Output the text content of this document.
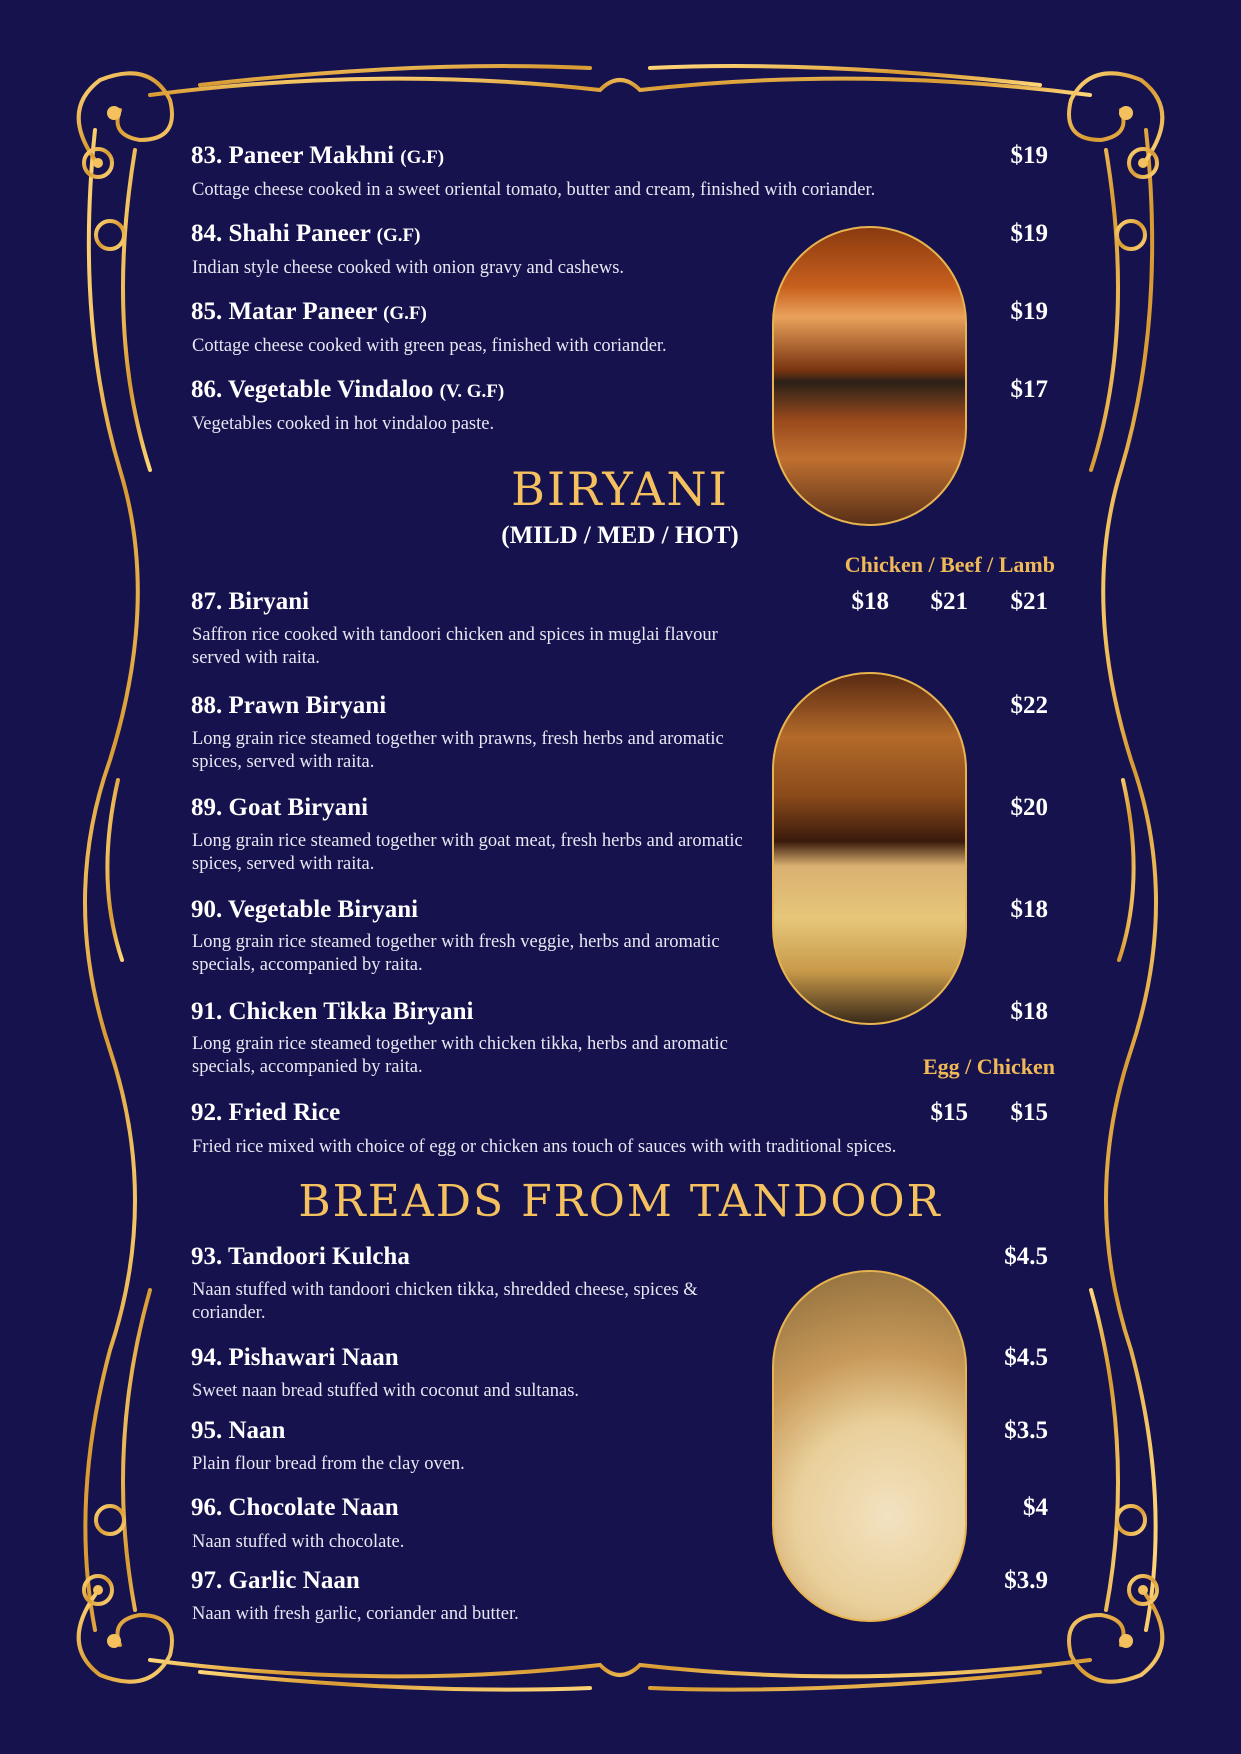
83. Paneer Makhni (G.F)	$19
Cottage cheese cooked in a sweet oriental tomato, butter and cream, finished with coriander.
84. Shahi Paneer (G.F)	$19
Indian style cheese cooked with onion gravy and cashews.
85. Matar Paneer (G.F)	$19
Cottage cheese cooked with green peas, finished with coriander.
86. Vegetable Vindaloo (V. G.F)	$17
Vegetables cooked in hot vindaloo paste.
BIRYANI
(MILD / MED / HOT)
Chicken / Beef / Lamb
87. Biryani	$18 $21 $21
Saffron rice cooked with tandoori chicken and spices in muglai flavour served with raita.
88. Prawn Biryani	$22
Long grain rice steamed together with prawns, fresh herbs and aromatic spices, served with raita.
89. Goat Biryani	$20
Long grain rice steamed together with goat meat, fresh herbs and aromatic spices, served with raita.
90. Vegetable Biryani	$18
Long grain rice steamed together with fresh veggie, herbs and aromatic specials, accompanied by raita.
91. Chicken Tikka Biryani	$18
Long grain rice steamed together with chicken tikka, herbs and aromatic specials, accompanied by raita.	Egg / Chicken
92. Fried Rice	$15 $15
Fried rice mixed with choice of egg or chicken ans touch of sauces with with traditional spices.
BREADS FROM TANDOOR
93. Tandoori Kulcha	$4.5
Naan stuffed with tandoori chicken tikka, shredded cheese, spices & coriander.
94. Pishawari Naan	$4.5
Sweet naan bread stuffed with coconut and sultanas.
95. Naan	$3.5
Plain flour bread from the clay oven.
96. Chocolate Naan	$4
Naan stuffed with chocolate.
97. Garlic Naan	$3.9
Naan with fresh garlic, coriander and butter.
